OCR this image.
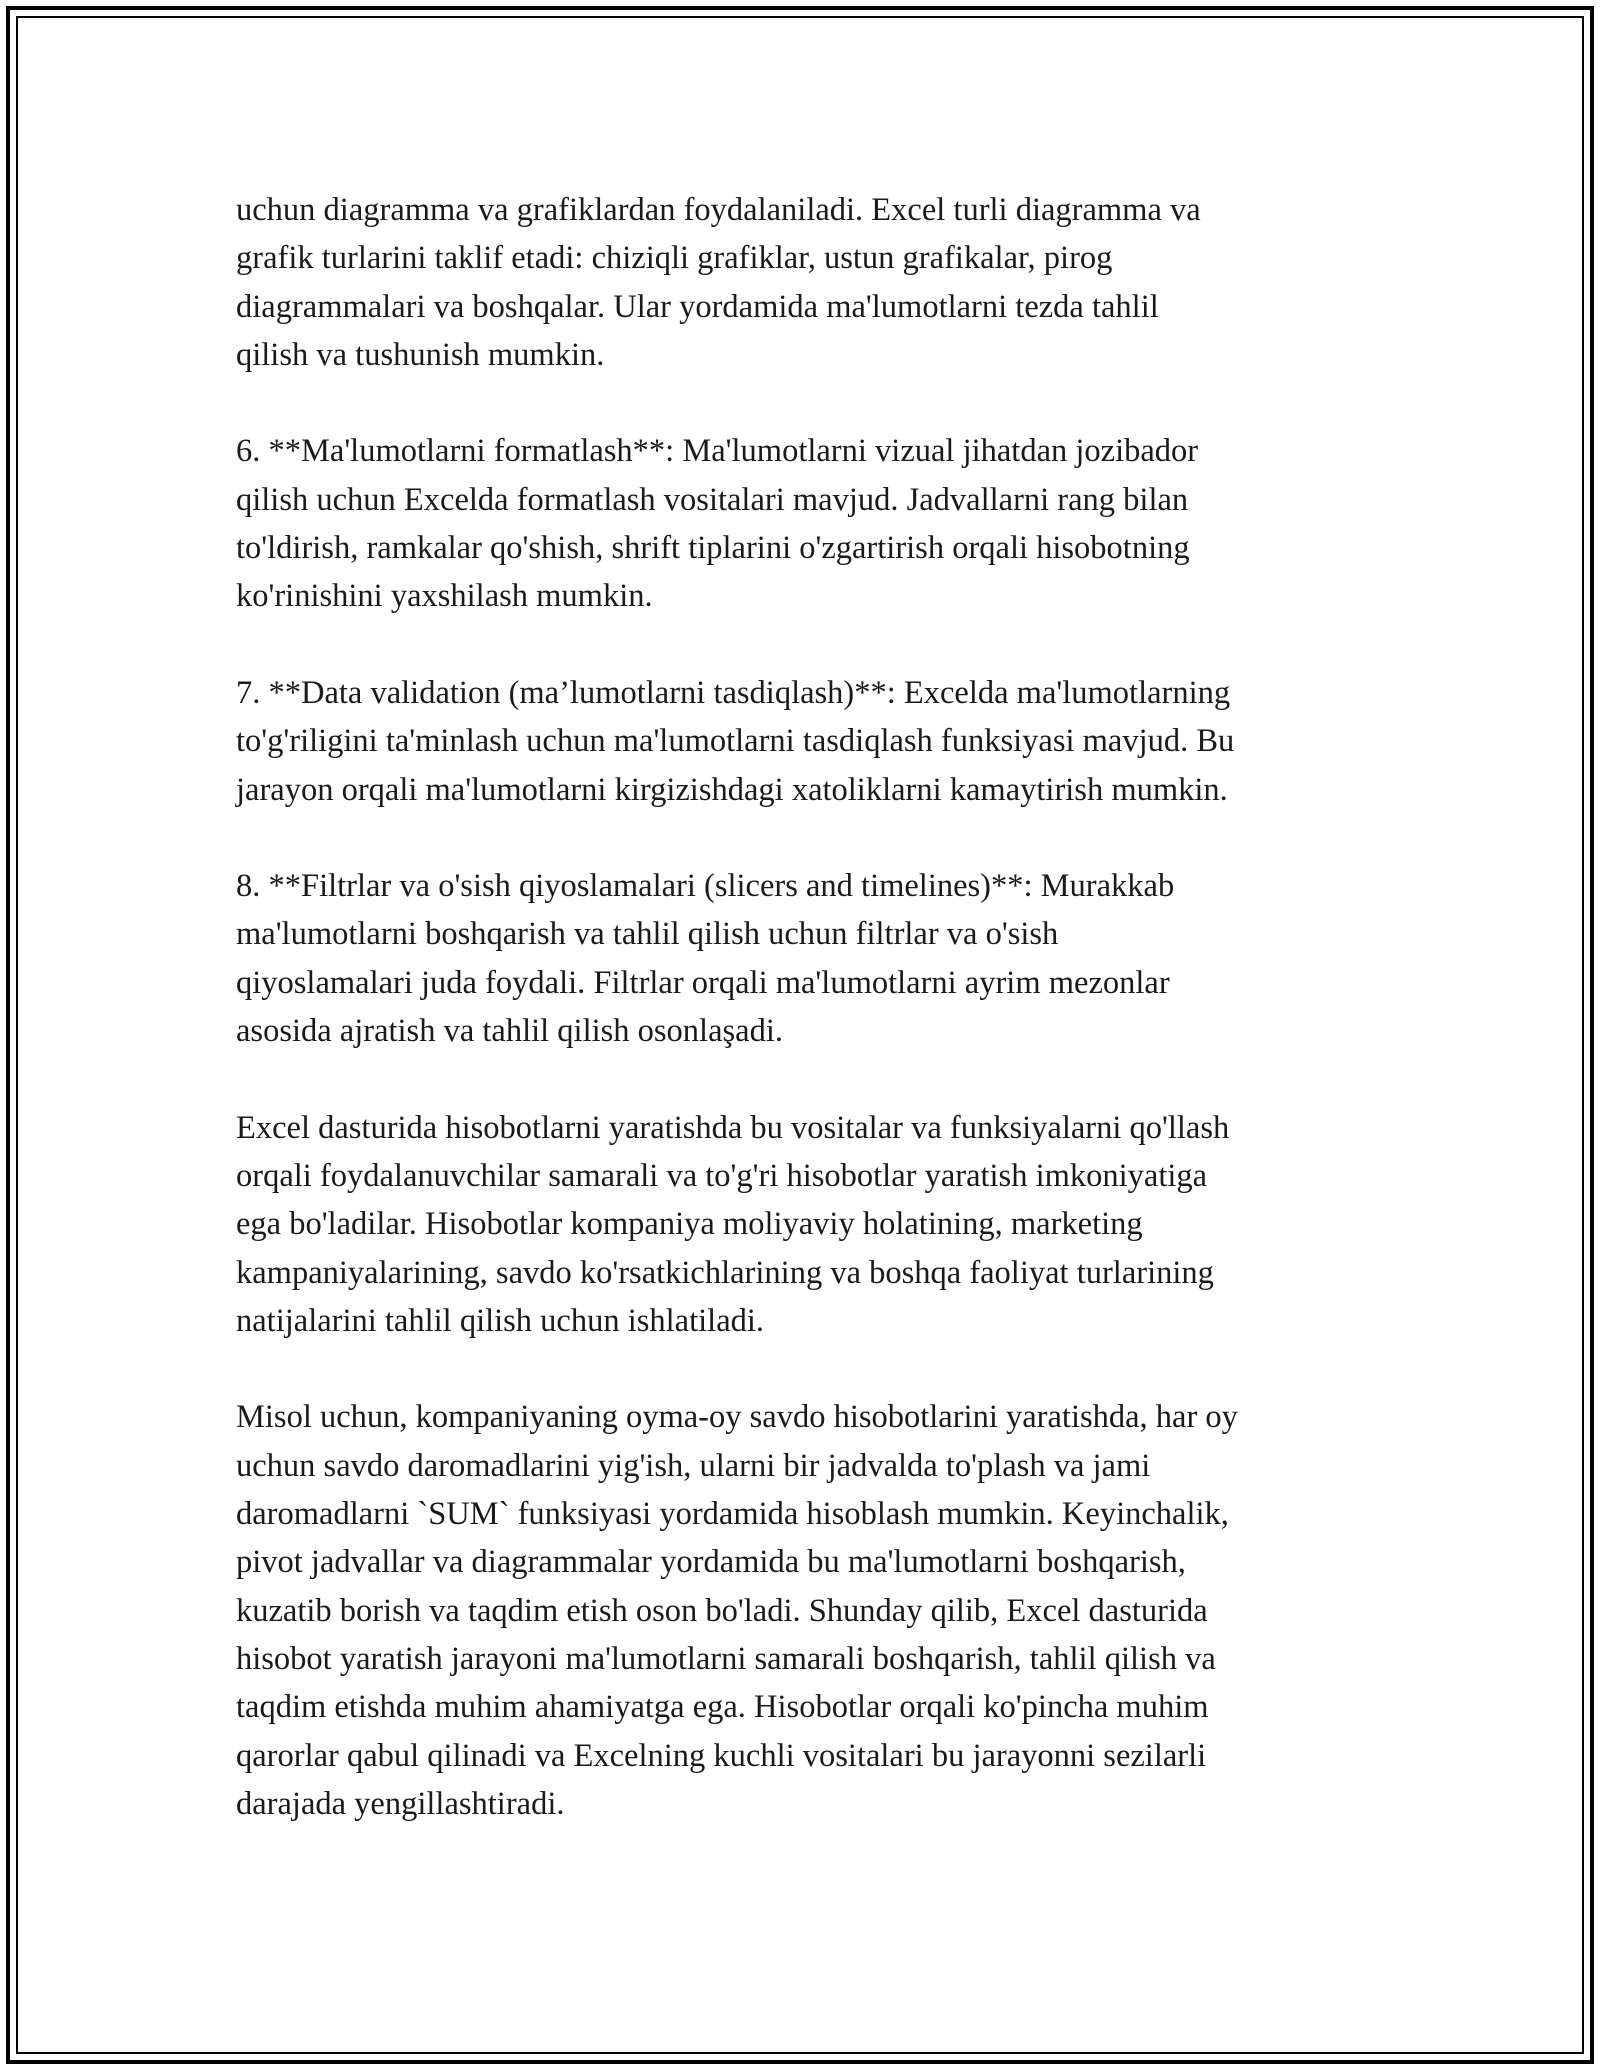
uchun diagramma va grafiklardan foydalaniladi. Excel turli diagramma va
grafik turlarini taklif etadi: chiziqli grafiklar, ustun grafikalar, pirog
diagrammalari va boshqalar. Ular yordamida ma'lumotlarni tezda tahlil
qilish va tushunish mumkin.

6. **Ma'lumotlarni formatlash**: Ma'lumotlarni vizual jihatdan jozibador
qilish uchun Excelda formatlash vositalari mavjud. Jadvallarni rang bilan
to'ldirish, ramkalar qo'shish, shrift tiplarini o'zgartirish orqali hisobotning
ko'rinishini yaxshilash mumkin.

7. **Data validation (ma’lumotlarni tasdiqlash)**: Excelda ma'lumotlarning
to'g'riligini ta'minlash uchun ma'lumotlarni tasdiqlash funksiyasi mavjud. Bu
jarayon orqali ma'lumotlarni kirgizishdagi xatoliklarni kamaytirish mumkin.

8. **Filtrlar va o'sish qiyoslamalari (slicers and timelines)**: Murakkab
ma'lumotlarni boshqarish va tahlil qilish uchun filtrlar va o'sish
qiyoslamalari juda foydali. Filtrlar orqali ma'lumotlarni ayrim mezonlar
asosida ajratish va tahlil qilish osonlaşadi.

Excel dasturida hisobotlarni yaratishda bu vositalar va funksiyalarni qo'llash
orqali foydalanuvchilar samarali va to'g'ri hisobotlar yaratish imkoniyatiga
ega bo'ladilar. Hisobotlar kompaniya moliyaviy holatining, marketing
kampaniyalarining, savdo ko'rsatkichlarining va boshqa faoliyat turlarining
natijalarini tahlil qilish uchun ishlatiladi.

Misol uchun, kompaniyaning oyma-oy savdo hisobotlarini yaratishda, har oy
uchun savdo daromadlarini yig'ish, ularni bir jadvalda to'plash va jami
daromadlarni `SUM` funksiyasi yordamida hisoblash mumkin. Keyinchalik,
pivot jadvallar va diagrammalar yordamida bu ma'lumotlarni boshqarish,
kuzatib borish va taqdim etish oson bo'ladi. Shunday qilib, Excel dasturida
hisobot yaratish jarayoni ma'lumotlarni samarali boshqarish, tahlil qilish va
taqdim etishda muhim ahamiyatga ega. Hisobotlar orqali ko'pincha muhim
qarorlar qabul qilinadi va Excelning kuchli vositalari bu jarayonni sezilarli
darajada yengillashtiradi.
